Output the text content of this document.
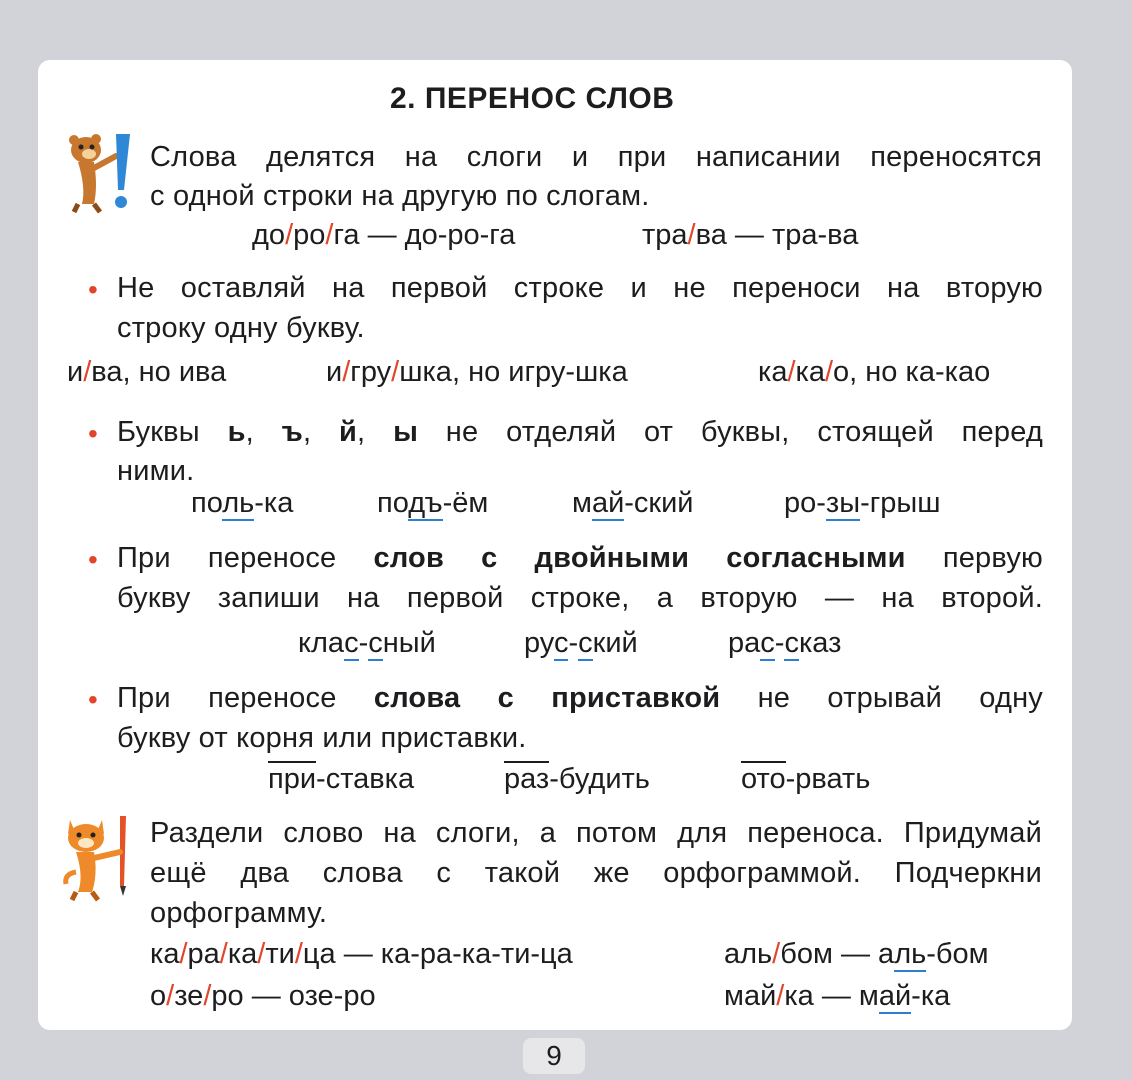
2. ПЕРЕНОС СЛОВ
Слова делятся на слоги и при написании переносятся
с одной строки на другую по слогам.
до/ро/га — до-ро-га	тра/ва — тра-ва
• Не оставляй на первой строке и не переноси на вторую
строку одну букву.
и/ва, но ива	и/гру/шка, но игру-шка	ка/ка/о, но ка-као
• Буквы ь, ъ, й, ы не отделяй от буквы, стоящей перед
ними.
поль-ка	подъ-ём	май-ский	ро-зы-грыш
• При переносе слов с двойными согласными первую
букву запиши на первой строке, а вторую — на второй.
клас-сный	рус-ский	рас-сказ
• При переносе слова с приставкой не отрывай одну
букву от корня или приставки.
при-ставка	раз-будить	ото-рвать
Раздели слово на слоги, а потом для переноса. Придумай
ещё два слова с такой же орфограммой. Подчеркни
орфограмму.
ка/ра/ка/ти/ца — ка-ра-ка-ти-ца	аль/бом — аль-бом
о/зе/ро — озе-ро	май/ка — май-ка
9
